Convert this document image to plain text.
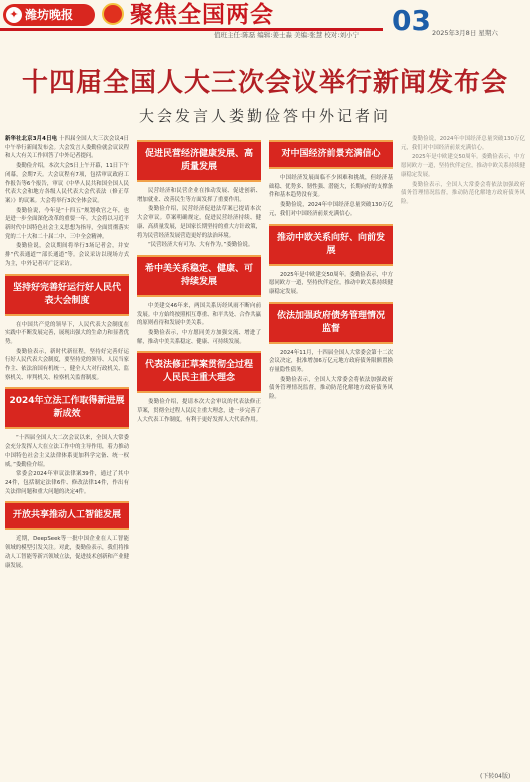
✦ 潍坊晚报 聚焦全国两会
值班主任:陈磊 编辑:姜士淼 美编:张慧 校对:刘小宁 03 2025年3月8日 星期六
十四届全国人大三次会议举行新闻发布会
大会发言人娄勤俭答中外记者问

新华社北京3月4日电 十四届全国人大三次会议4日中午举行新闻发布会。大会发言人娄勤俭就会议议程和人大有关工作回答了中外记者提问。

娄勤俭介绍，本次大会5日上午开幕，11日下午闭幕，会期7天。大会议程有7项，包括审议政府工作报告等6个报告，审议《中华人民共和国全国人民代表大会和地方各级人民代表大会代表法（修正草案）》的议案。大会将举行3次全体会议。

娄勤俭说，今年是“十四五”规划收官之年，也是进一步全面深化改革的重要一年。大会将以习近平新时代中国特色社会主义思想为指导，全面贯彻落实党的二十大和二十届二中、三中全会精神。

娄勤俭说，会议期间将举行3场记者会，并安排“代表通道”“部长通道”等。会议采访以现场方式为主，中外记者可广泛采访。

坚持好完善好运行好人民代表大会制度

在中国共产党的领导下，人民代表大会制度在实践中不断发展完善，展现出强大的生命力和显著优势。

娄勤俭表示，新时代新征程，坚持好完善好运行好人民代表大会制度，要坚持党的领导、人民当家作主、依法治国有机统一，健全人大对行政机关、监察机关、审判机关、检察机关监督制度。

2024年立法工作取得新进展新成效

“十四届全国人大二次会议以来，全国人大常委会充分发挥人大在立法工作中的主导作用，着力推动中国特色社会主义法律体系更加科学完备、统一权威。”娄勤俭介绍。

常委会2024年审议法律案39件，通过了其中24件，包括制定法律6件、修改法律14件，作出有关法律问题和重大问题的决定4件。

开放共享推动人工智能发展

近期，DeepSeek等一批中国企业在人工智能领域的模型引发关注。对此，娄勤俭表示，我们将推动人工智能等新兴领域立法，促进技术创新和产业健康发展。

促进民营经济健康发展、高质量发展

民营经济和民营企业在推动发展、促进创新、增加就业、改善民生等方面发挥了重要作用。

娄勤俭介绍，民营经济促进法草案已提请本次大会审议。草案明确规定，促进民营经济持续、健康、高质量发展，是国家长期坚持的重大方针政策，将为民营经济发展营造更好的法治环境。

“民营经济大有可为、大有作为。”娄勤俭说。

希中美关系稳定、健康、可持续发展

中美建交46年来，两国关系历经风雨不断向前发展。中方始终按照相互尊重、和平共处、合作共赢的原则看待和发展中美关系。

娄勤俭表示，中方愿同美方加强交流、增进了解，推动中美关系稳定、健康、可持续发展。

代表法修正草案贯彻全过程人民民主重大理念

娄勤俭介绍，提请本次大会审议的代表法修正草案，贯彻全过程人民民主重大理念，进一步完善了人大代表工作制度，有利于更好发挥人大代表作用。

对中国经济前景充满信心

中国经济发展面临不少困难和挑战，但经济基础稳、优势多、韧性强、潜能大，长期向好的支撑条件和基本趋势没有变。

娄勤俭说，2024年中国经济总量突破130万亿元，我们对中国经济前景充满信心。

推动中欧关系向好、向前发展

2025年是中欧建交50周年。娄勤俭表示，中方愿同欧方一道，坚持伙伴定位，推动中欧关系持续健康稳定发展。

依法加强政府债务管理情况监督

2024年11月，十四届全国人大常委会第十二次会议决定，批准增加6万亿元地方政府债务限额置换存量隐性债务。

娄勤俭表示，全国人大常委会将依法加强政府债务管理情况监督，推动防范化解地方政府债务风险。

娄勤俭说，2024年中国经济总量突破130万亿元，我们对中国经济前景充满信心。

2025年是中欧建交50周年。娄勤俭表示，中方愿同欧方一道，坚持伙伴定位，推动中欧关系持续健康稳定发展。

娄勤俭表示，全国人大常委会将依法加强政府债务管理情况监督，推动防范化解地方政府债务风险。

(下转04版)
